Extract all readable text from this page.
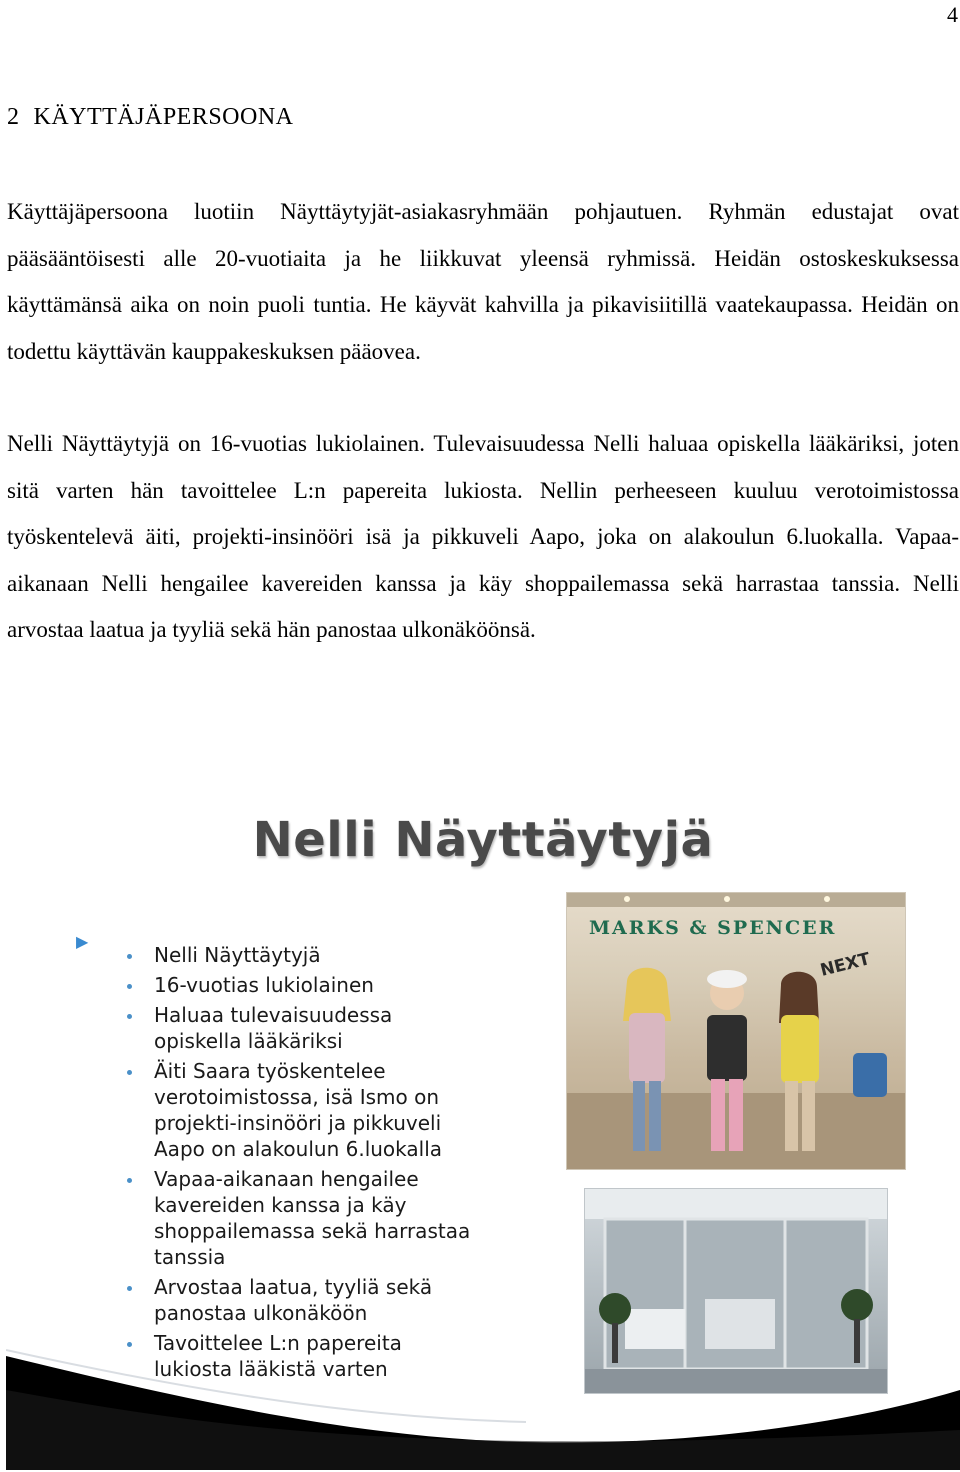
4
2 KÄYTTÄJÄPERSOONA

Käyttäjäpersoona luotiin Näyttäytyjät-asiakasryhmään pohjautuen. Ryhmän edustajat ovat pääsääntöisesti alle 20-vuotiaita ja he liikkuvat yleensä ryhmissä. Heidän ostoskeskuksessa käyttämänsä aika on noin puoli tuntia. He käyvät kahvilla ja pikavisiitillä vaatekaupassa. Heidän on todettu käyttävän kauppakeskuksen pääovea.

Nelli Näyttäytyjä on 16-vuotias lukiolainen. Tulevaisuudessa Nelli haluaa opiskella lääkäriksi, joten sitä varten hän tavoittelee L:n papereita lukiosta. Nellin perheeseen kuuluu verotoimistossa työskentelevä äiti, projekti-insinööri isä ja pikkuveli Aapo, joka on alakoulun 6.luokalla. Vapaa-aikanaan Nelli hengailee kavereiden kanssa ja käy shoppailemassa sekä harrastaa tanssia. Nelli arvostaa laatua ja tyyliä sekä hän panostaa ulkonäköönsä.

Nelli Näyttäytyjä
▶
Nelli Näyttäytyjä
16-vuotias lukiolainen
Haluaa tulevaisuudessa opiskella lääkäriksi
Äiti Saara työskentelee verotoimistossa, isä Ismo on projekti-insinööri ja pikkuveli Aapo on alakoulun 6.luokalla
Vapaa-aikanaan hengailee kavereiden kanssa ja käy shoppailemassa sekä harrastaa tanssia
Arvostaa laatua, tyyliä sekä panostaa ulkonäköön
Tavoittelee L:n papereita lukiosta lääkistä varten
MARKS & SPENCER
NEXT
